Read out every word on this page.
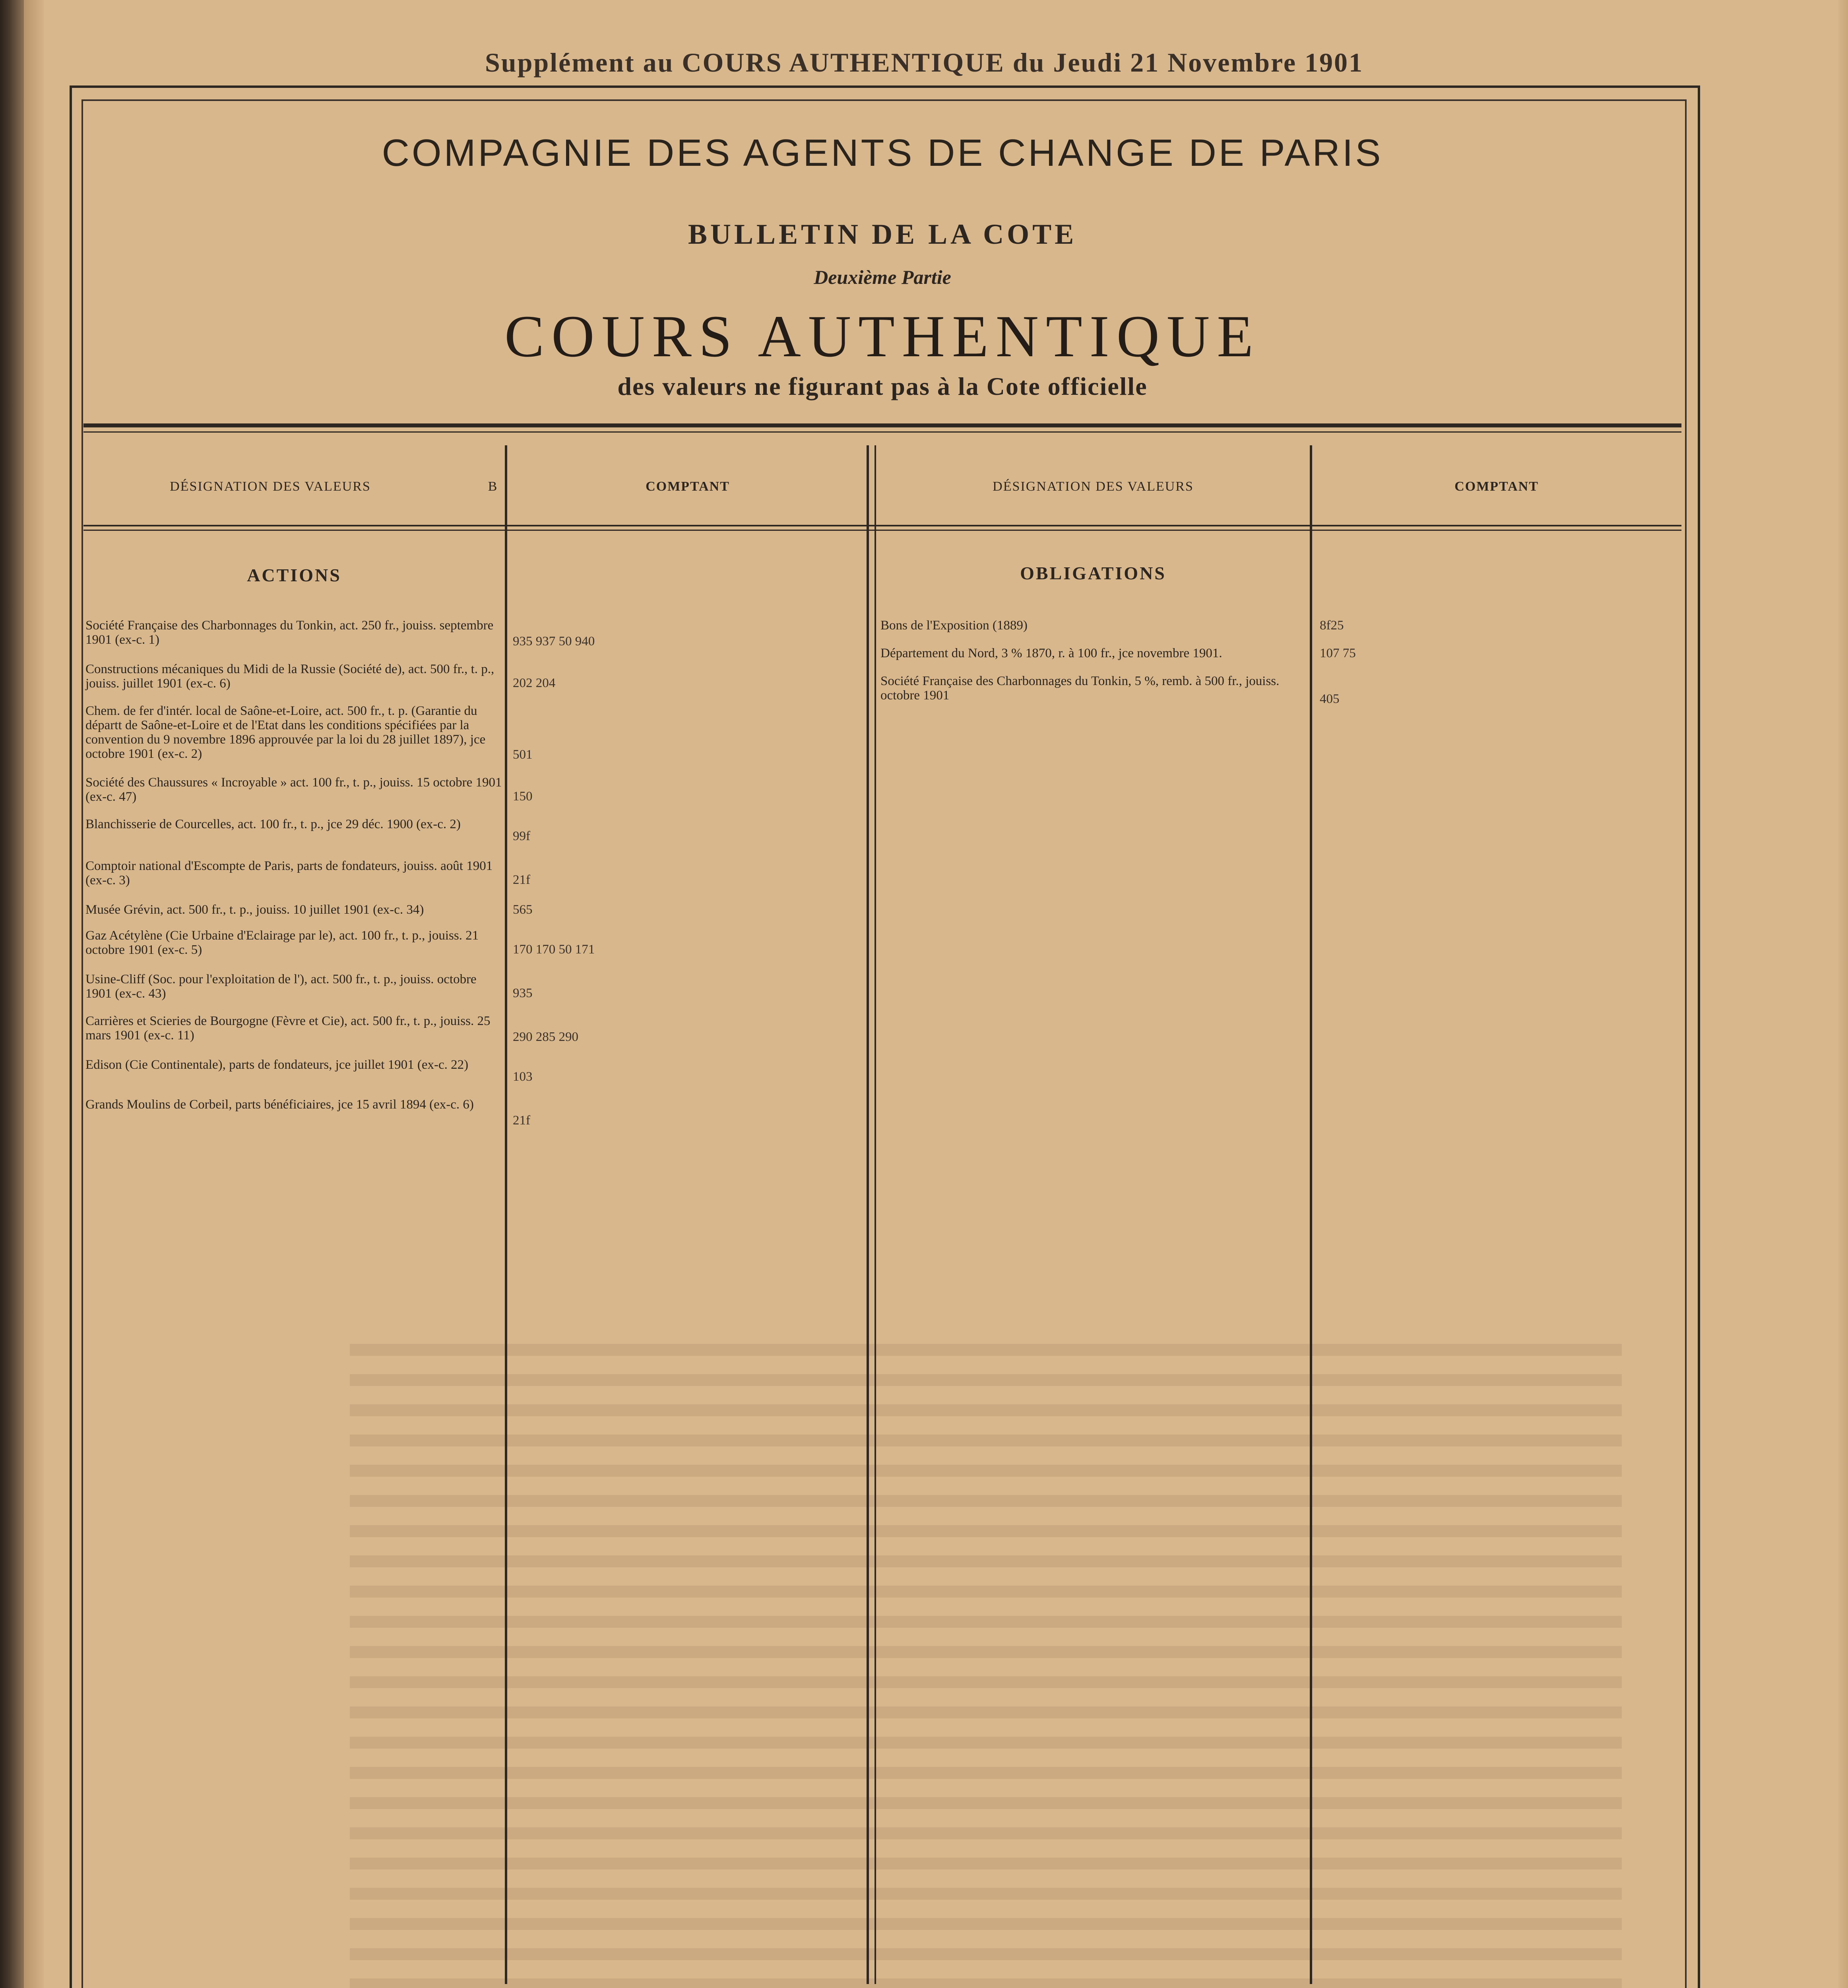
Supplément au COURS AUTHENTIQUE du Jeudi 21 Novembre 1901
COMPAGNIE DES AGENTS DE CHANGE DE PARIS
BULLETIN DE LA COTE
Deuxième Partie
COURS AUTHENTIQUE
des valeurs ne figurant pas à la Cote officielle
DÉSIGNATION DES VALEURS	B	COMPTANT	DÉSIGNATION DES VALEURS	COMPTANT
ACTIONS	OBLIGATIONS
Société Française des Charbonnages du Tonkin, act. 250 fr., jouiss. septembre 1901 (ex-c. 1)	935 937 50 940
Constructions mécaniques du Midi de la Russie (Société de), act. 500 fr., t. p., jouiss. juillet 1901 (ex-c. 6)	202 204
Chem. de fer d'intér. local de Saône-et-Loire, act. 500 fr., t. p. (Garantie du départt de Saône-et-Loire et de l'Etat dans les conditions spécifiées par la convention du 9 novembre 1896 approuvée par la loi du 28 juillet 1897), jce octobre 1901 (ex-c. 2)	501
Société des Chaussures « Incroyable » act. 100 fr., t. p., jouiss. 15 octobre 1901 (ex-c. 47)	150
Blanchisserie de Courcelles, act. 100 fr., t. p., jce 29 déc. 1900 (ex-c. 2)
99f
Comptoir national d'Escompte de Paris, parts de fondateurs, jouiss. août 1901 (ex-c. 3)	21f
Musée Grévin, act. 500 fr., t. p., jouiss. 10 juillet 1901 (ex-c. 34)	565
Gaz Acétylène (Cie Urbaine d'Eclairage par le), act. 100 fr., t. p., jouiss. 21 octobre 1901 (ex-c. 5)	170 170 50 171
Usine-Cliff (Soc. pour l'exploitation de l'), act. 500 fr., t. p., jouiss. octobre 1901 (ex-c. 43)	935
Carrières et Scieries de Bourgogne (Fèvre et Cie), act. 500 fr., t. p., jouiss. 25 mars 1901 (ex-c. 11)	290 285 290
Edison (Cie Continentale), parts de fondateurs, jce juillet 1901 (ex-c. 22)
103
Grands Moulins de Corbeil, parts bénéficiaires, jce 15 avril 1894 (ex-c. 6)
21f
Bons de l'Exposition (1889)	8f25
Département du Nord, 3 % 1870, r. à 100 fr., jce novembre 1901.	107 75
Société Française des Charbonnages du Tonkin, 5 %, remb. à 500 fr., jouiss. octobre 1901	405
